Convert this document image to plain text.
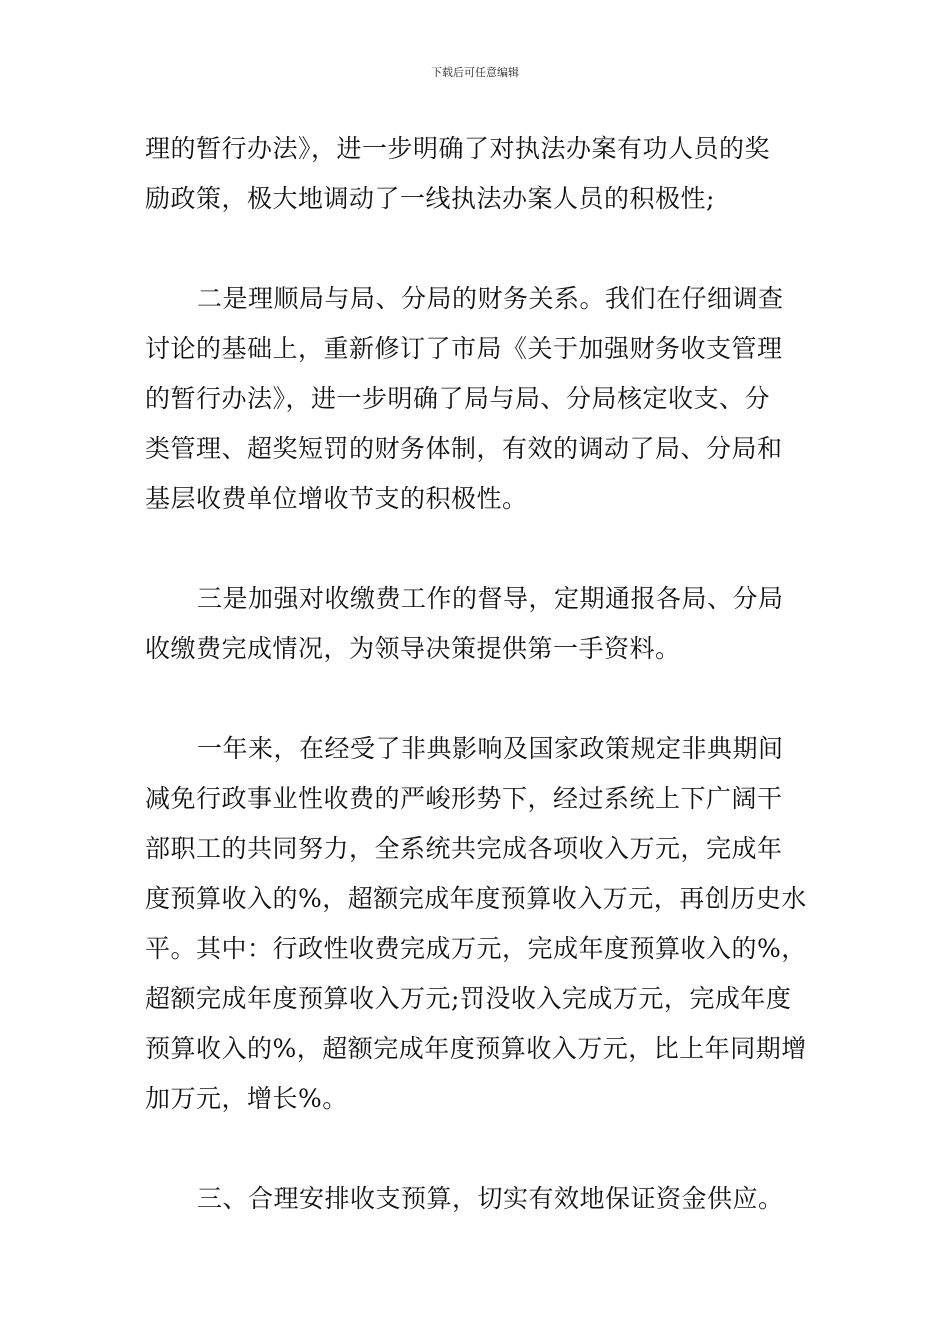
下载后可任意编辑

理的暂行办法》，进一步明确了对执法办案有功人员的奖
励政策，极大地调动了一线执法办案人员的积极性;

二是理顺局与局、分局的财务关系。我们在仔细调查
讨论的基础上，重新修订了市局《关于加强财务收支管理
的暂行办法》，进一步明确了局与局、分局核定收支、分
类管理、超奖短罚的财务体制，有效的调动了局、分局和
基层收费单位增收节支的积极性。

三是加强对收缴费工作的督导，定期通报各局、分局
收缴费完成情况，为领导决策提供第一手资料。

一年来，在经受了非典影响及国家政策规定非典期间
减免行政事业性收费的严峻形势下，经过系统上下广阔干
部职工的共同努力，全系统共完成各项收入万元，完成年
度预算收入的%，超额完成年度预算收入万元，再创历史水
平。其中：行政性收费完成万元，完成年度预算收入的%，
超额完成年度预算收入万元;罚没收入完成万元，完成年度
预算收入的%，超额完成年度预算收入万元，比上年同期增
加万元，增长%。

三、合理安排收支预算，切实有效地保证资金供应。
